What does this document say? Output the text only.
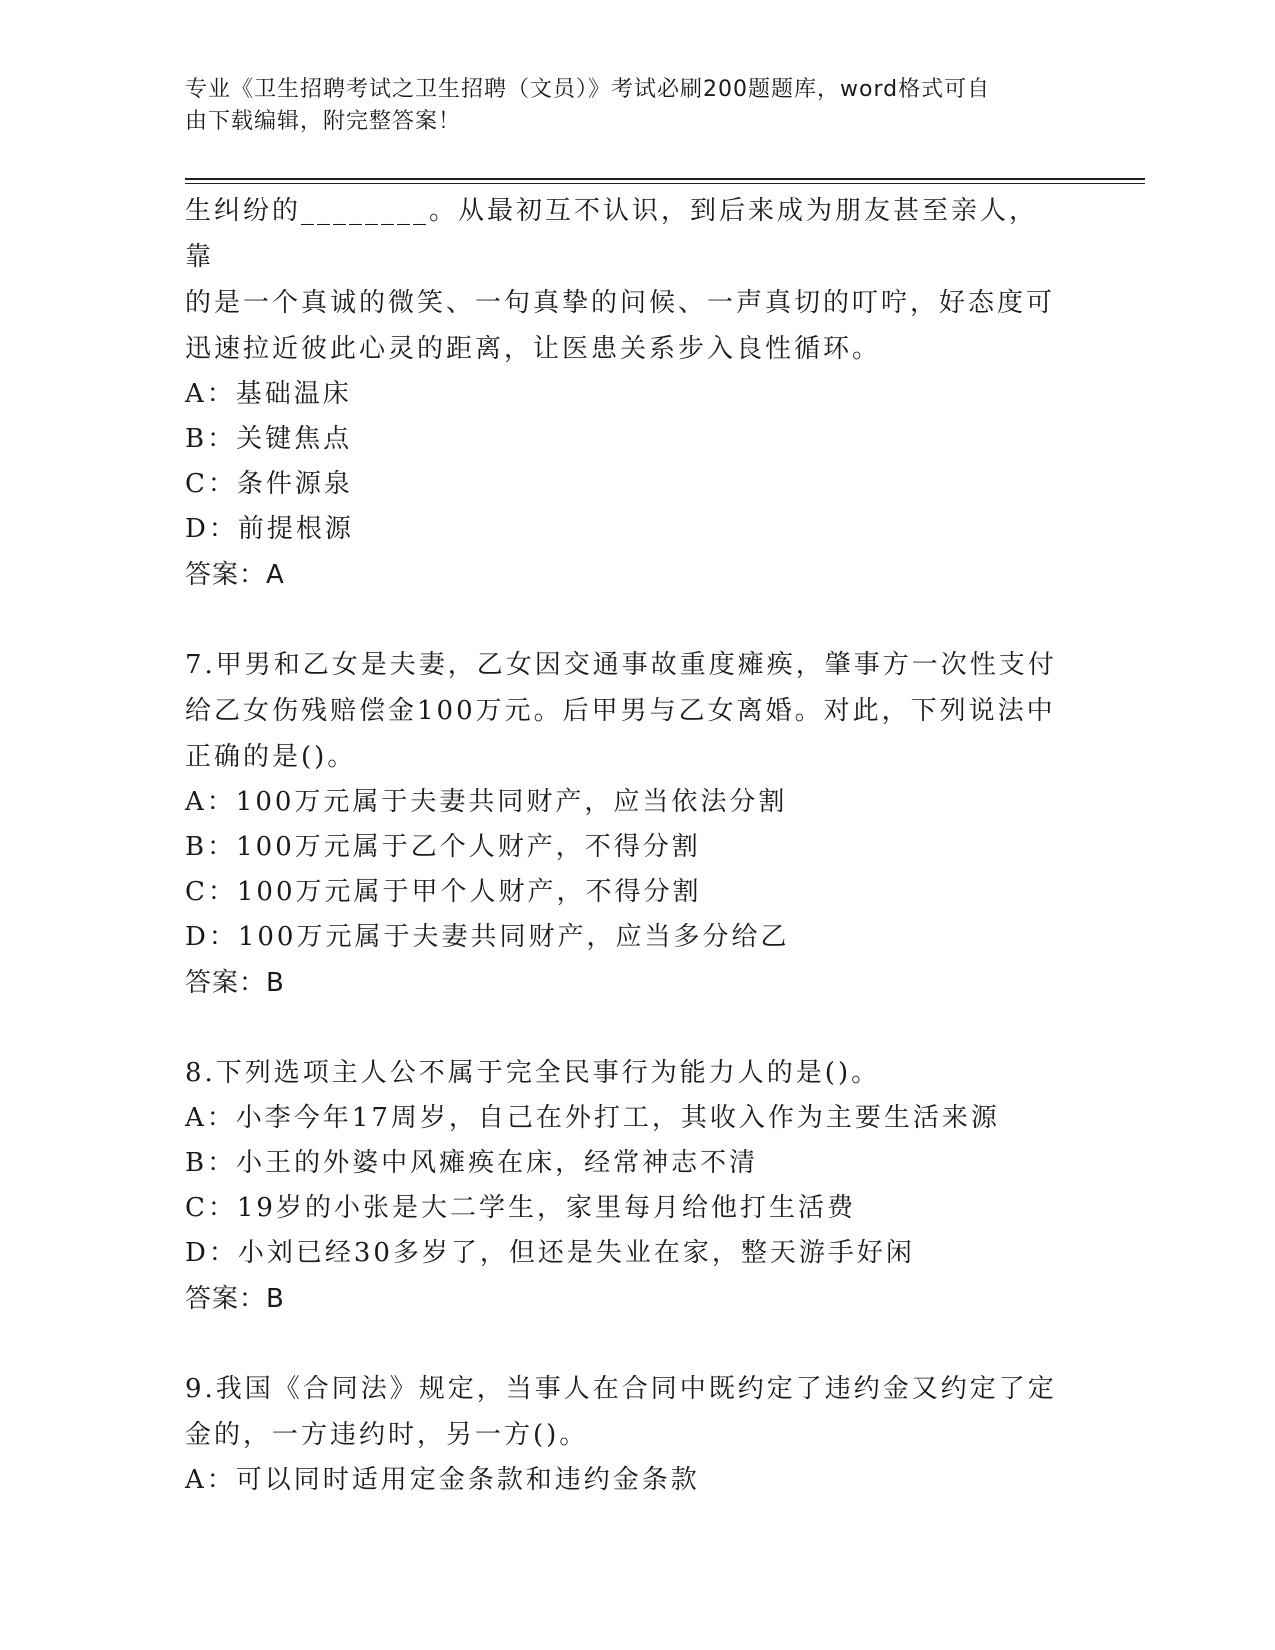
专业《卫生招聘考试之卫生招聘（文员）》考试必刷200题题库，word格式可自
由下载编辑，附完整答案！
生纠纷的________。从最初互不认识，到后来成为朋友甚至亲人，靠
的是一个真诚的微笑、一句真挚的问候、一声真切的叮咛，好态度可
迅速拉近彼此心灵的距离，让医患关系步入良性循环。
A：基础温床
B：关键焦点
C：条件源泉
D：前提根源
答案：A
7.甲男和乙女是夫妻，乙女因交通事故重度瘫痪，肇事方一次性支付
给乙女伤残赔偿金100万元。后甲男与乙女离婚。对此，下列说法中
正确的是()。
A：100万元属于夫妻共同财产，应当依法分割
B：100万元属于乙个人财产，不得分割
C：100万元属于甲个人财产，不得分割
D：100万元属于夫妻共同财产，应当多分给乙
答案：B
8.下列选项主人公不属于完全民事行为能力人的是()。
A：小李今年17周岁，自己在外打工，其收入作为主要生活来源
B：小王的外婆中风瘫痪在床，经常神志不清
C：19岁的小张是大二学生，家里每月给他打生活费
D：小刘已经30多岁了，但还是失业在家，整天游手好闲
答案：B
9.我国《合同法》规定，当事人在合同中既约定了违约金又约定了定
金的，一方违约时，另一方()。
A：可以同时适用定金条款和违约金条款
